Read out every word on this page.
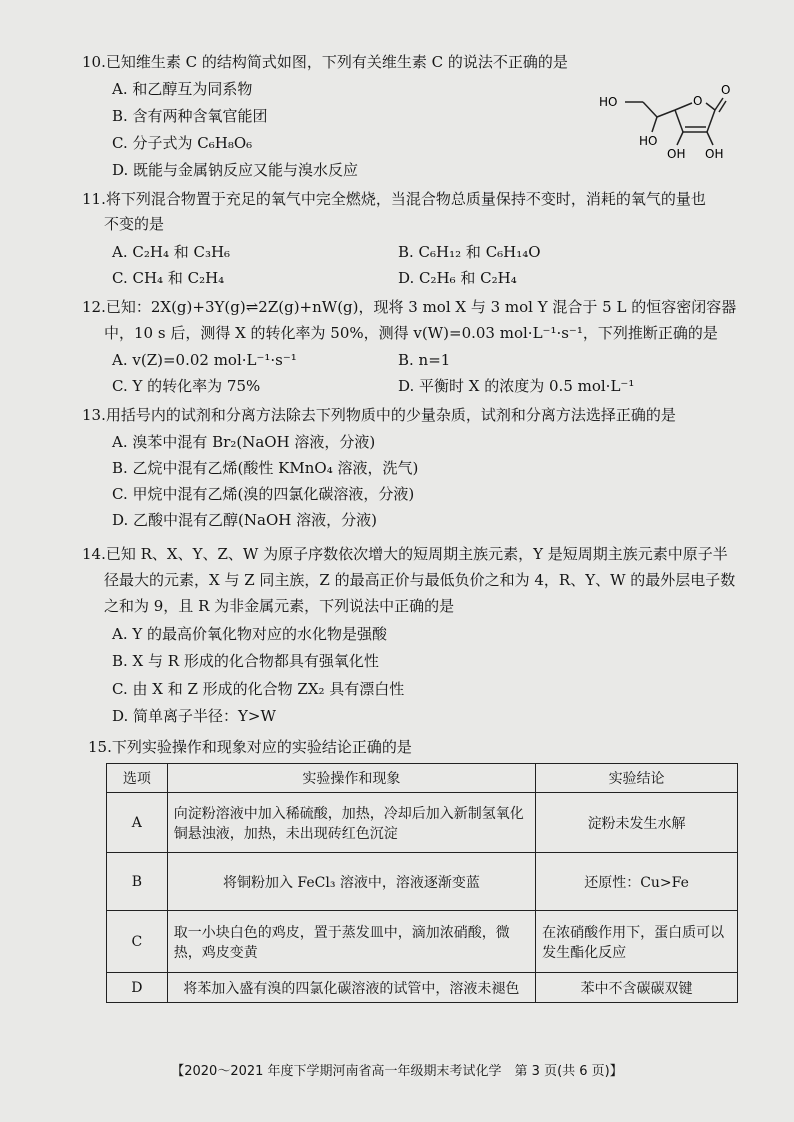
10.已知维生素 C 的结构简式如图，下列有关维生素 C 的说法不正确的是
A. 和乙醇互为同系物
B. 含有两种含氧官能团
C. 分子式为 C₆H₈O₆
D. 既能与金属钠反应又能与溴水反应
O
O
OH
OH
HO
HO
11.将下列混合物置于充足的氧气中完全燃烧，当混合物总质量保持不变时，消耗的氧气的量也
不变的是
A. C₂H₄ 和 C₃H₆	B. C₆H₁₂ 和 C₆H₁₄O
C. CH₄ 和 C₂H₄	D. C₂H₆ 和 C₂H₄
12.已知：2X(g)+3Y(g)⇌2Z(g)+nW(g)，现将 3 mol X 与 3 mol Y 混合于 5 L 的恒容密闭容器
中，10 s 后，测得 X 的转化率为 50%，测得 v(W)=0.03 mol·L⁻¹·s⁻¹，下列推断正确的是
A. v(Z)=0.02 mol·L⁻¹·s⁻¹	B. n=1
C. Y 的转化率为 75%	D. 平衡时 X 的浓度为 0.5 mol·L⁻¹
13.用括号内的试剂和分离方法除去下列物质中的少量杂质，试剂和分离方法选择正确的是
A. 溴苯中混有 Br₂(NaOH 溶液，分液)
B. 乙烷中混有乙烯(酸性 KMnO₄ 溶液，洗气)
C. 甲烷中混有乙烯(溴的四氯化碳溶液，分液)
D. 乙酸中混有乙醇(NaOH 溶液，分液)
14.已知 R、X、Y、Z、W 为原子序数依次增大的短周期主族元素，Y 是短周期主族元素中原子半
径最大的元素，X 与 Z 同主族，Z 的最高正价与最低负价之和为 4，R、Y、W 的最外层电子数
之和为 9，且 R 为非金属元素，下列说法中正确的是
A. Y 的最高价氧化物对应的水化物是强酸
B. X 与 R 形成的化合物都具有强氧化性
C. 由 X 和 Z 形成的化合物 ZX₂ 具有漂白性
D. 简单离子半径：Y>W
15.下列实验操作和现象对应的实验结论正确的是
选项	实验操作和现象	实验结论
A	向淀粉溶液中加入稀硫酸，加热，冷却后加入新制氢氧化铜悬浊液，加热，未出现砖红色沉淀	淀粉未发生水解
B	将铜粉加入 FeCl₃ 溶液中，溶液逐渐变蓝	还原性：Cu>Fe
C	取一小块白色的鸡皮，置于蒸发皿中，滴加浓硝酸，微热，鸡皮变黄	在浓硝酸作用下，蛋白质可以发生酯化反应
D	将苯加入盛有溴的四氯化碳溶液的试管中，溶液未褪色	苯中不含碳碳双键
【2020～2021 年度下学期河南省高一年级期末考试化学　第 3 页(共 6 页)】
